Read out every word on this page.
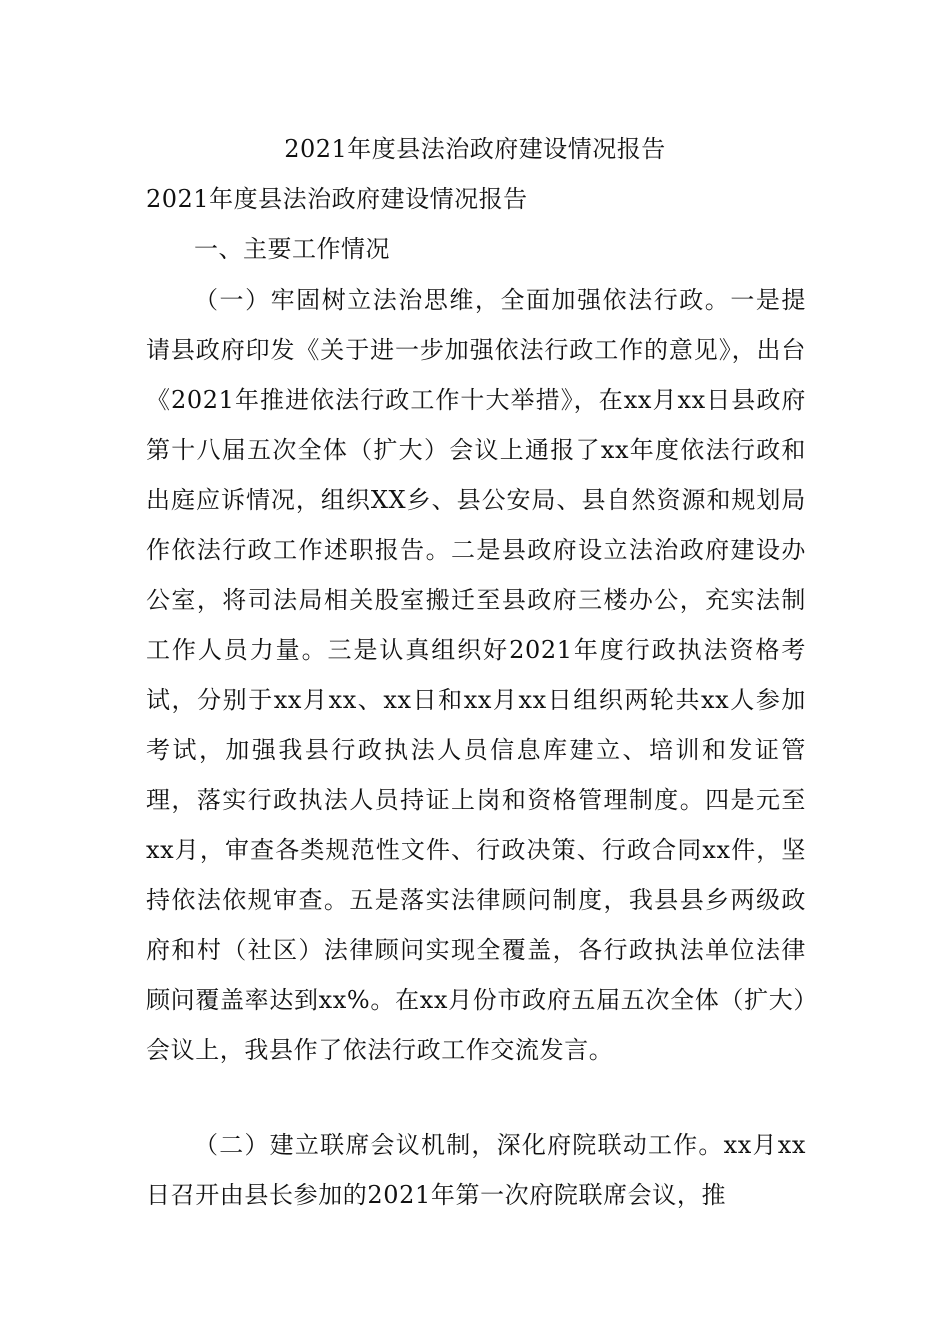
2021年度县法治政府建设情况报告
2021年度县法治政府建设情况报告
一、主要工作情况

（一）牢固树立法治思维，全面加强依法行政。一是提请县政府印发《关于进一步加强依法行政工作的意见》，出台《2021年推进依法行政工作十大举措》，在xx月xx日县政府第十八届五次全体（扩大）会议上通报了xx年度依法行政和出庭应诉情况，组织XX乡、县公安局、县自然资源和规划局作依法行政工作述职报告。二是县政府设立法治政府建设办公室，将司法局相关股室搬迁至县政府三楼办公，充实法制工作人员力量。三是认真组织好2021年度行政执法资格考试，分别于xx月xx、xx日和xx月xx日组织两轮共xx人参加考试，加强我县行政执法人员信息库建立、培训和发证管理，落实行政执法人员持证上岗和资格管理制度。四是元至xx月，审查各类规范性文件、行政决策、行政合同xx件，坚持依法依规审查。五是落实法律顾问制度，我县县乡两级政府和村（社区）法律顾问实现全覆盖，各行政执法单位法律顾问覆盖率达到xx%。在xx月份市政府五届五次全体（扩大）会议上，我县作了依法行政工作交流发言。

（二）建立联席会议机制，深化府院联动工作。xx月xx日召开由县长参加的2021年第一次府院联席会议，推
